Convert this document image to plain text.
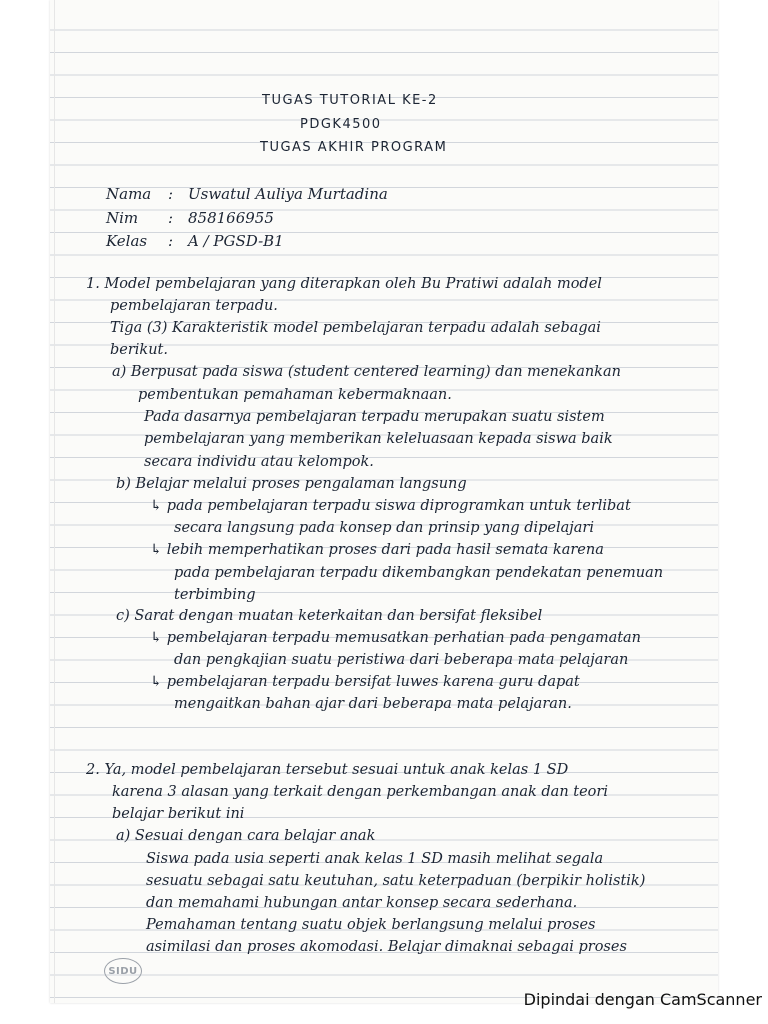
TUGAS TUTORIAL KE-2
PDGK4500
TUGAS AKHIR PROGRAM
Nama : Uswatul Auliya Murtadina
Nim : 858166955
Kelas : A / PGSD-B1
1. Model pembelajaran yang diterapkan oleh Bu Pratiwi adalah model
pembelajaran terpadu.
Tiga (3) Karakteristik model pembelajaran terpadu adalah sebagai
berikut.
a) Berpusat pada siswa (student centered learning) dan menekankan
pembentukan pemahaman kebermaknaan.
Pada dasarnya pembelajaran terpadu merupakan suatu sistem
pembelajaran yang memberikan keleluasaan kepada siswa baik
secara individu atau kelompok.
b) Belajar melalui proses pengalaman langsung
↳ pada pembelajaran terpadu siswa diprogramkan untuk terlibat
secara langsung pada konsep dan prinsip yang dipelajari
↳ lebih memperhatikan proses dari pada hasil semata karena
pada pembelajaran terpadu dikembangkan pendekatan penemuan
terbimbing
c) Sarat dengan muatan keterkaitan dan bersifat fleksibel
↳ pembelajaran terpadu memusatkan perhatian pada pengamatan
dan pengkajian suatu peristiwa dari beberapa mata pelajaran
↳ pembelajaran terpadu bersifat luwes karena guru dapat
mengaitkan bahan ajar dari beberapa mata pelajaran.
2. Ya, model pembelajaran tersebut sesuai untuk anak kelas 1 SD
karena 3 alasan yang terkait dengan perkembangan anak dan teori
belajar berikut ini
a) Sesuai dengan cara belajar anak
Siswa pada usia seperti anak kelas 1 SD masih melihat segala
sesuatu sebagai satu keutuhan, satu keterpaduan (berpikir holistik)
dan memahami hubungan antar konsep secara sederhana.
Pemahaman tentang suatu objek berlangsung melalui proses
asimilasi dan proses akomodasi. Belajar dimaknai sebagai proses
SIDU
Dipindai dengan CamScanner
